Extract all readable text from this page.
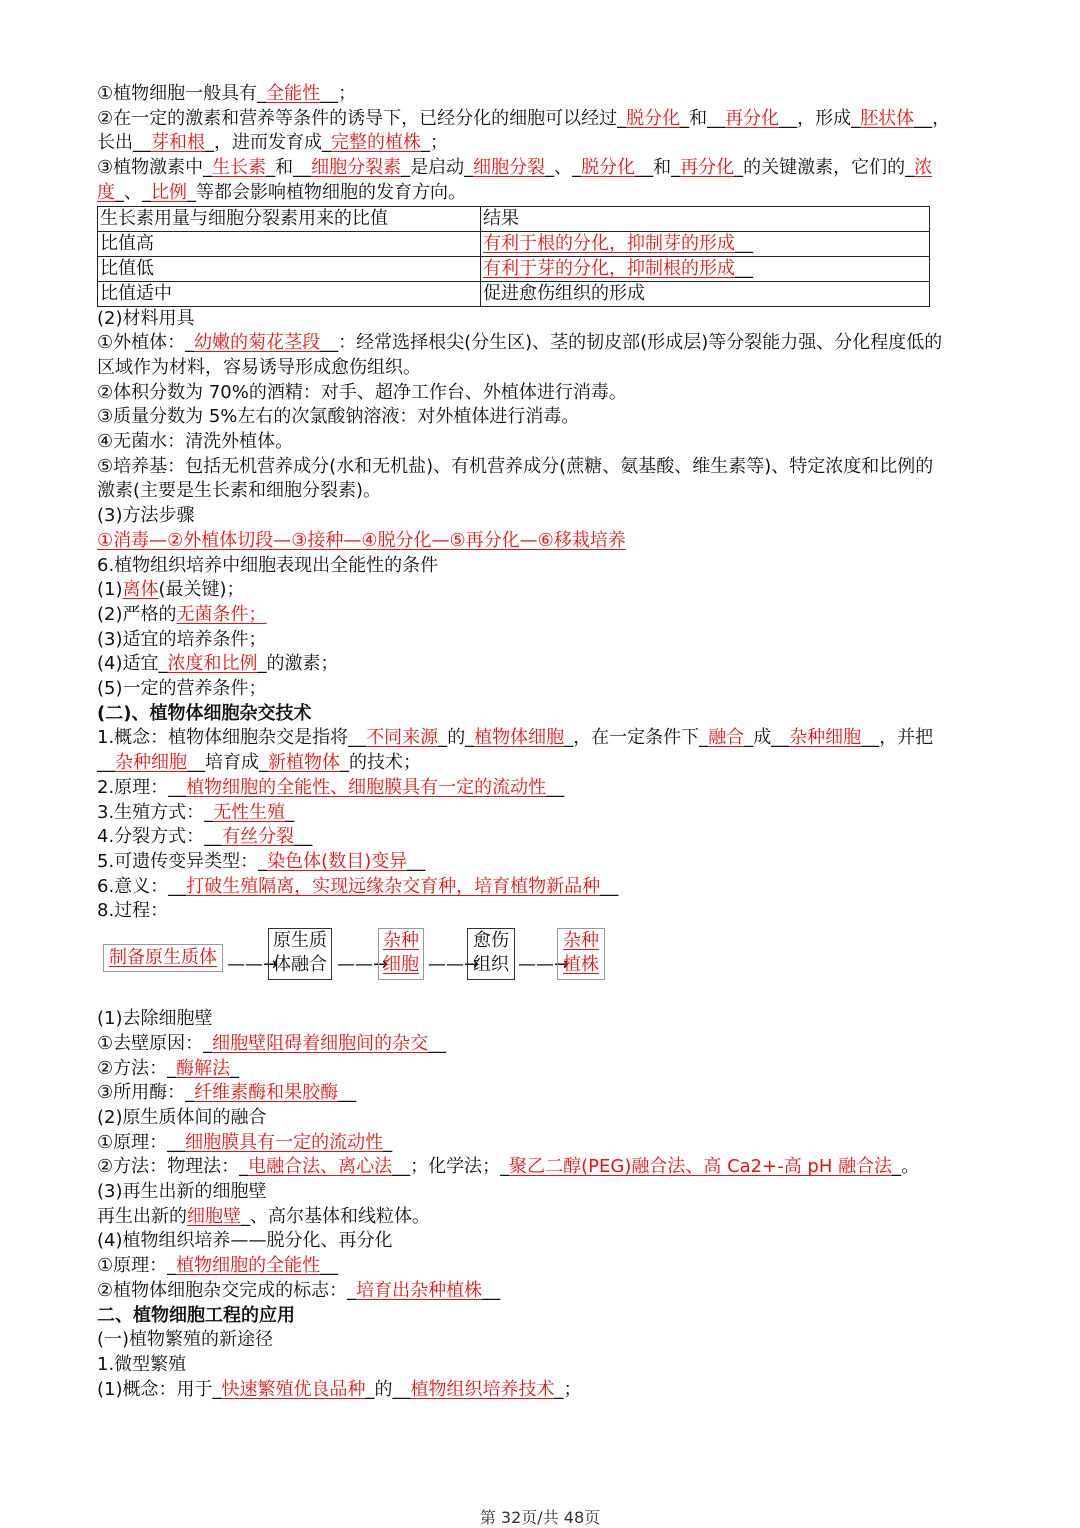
①植物细胞一般具有_全能性__；
②在一定的激素和营养等条件的诱导下，已经分化的细胞可以经过_脱分化_和__再分化__，形成_胚状体__，
长出__芽和根_，进而发育成_完整的植株_；
③植物激素中_生长素_和__细胞分裂素_是启动_细胞分裂_、_脱分化__和_再分化_的关键激素，它们的_浓
度_、_比例_等都会影响植物细胞的发育方向。
生长素用量与细胞分裂素用来的比值	结果
比值高	有利于根的分化，抑制芽的形成__
比值低	有利于芽的分化，抑制根的形成__
比值适中	促进愈伤组织的形成
(2)材料用具
①外植体：_幼嫩的菊花茎段__：经常选择根尖(分生区)、茎的韧皮部(形成层)等分裂能力强、分化程度低的
区域作为材料，容易诱导形成愈伤组织。
②体积分数为 70%的酒精：对手、超净工作台、外植体进行消毒。
③质量分数为 5%左右的次氯酸钠溶液：对外植体进行消毒。
④无菌水：清洗外植体。
⑤培养基：包括无机营养成分(水和无机盐)、有机营养成分(蔗糖、氨基酸、维生素等)、特定浓度和比例的
激素(主要是生长素和细胞分裂素)。
(3)方法步骤
①消毒—②外植体切段—③接种—④脱分化—⑤再分化—⑥移栽培养
6.植物组织培养中细胞表现出全能性的条件
(1)离体(最关键)；
(2)严格的无菌条件；
(3)适宜的培养条件；
(4)适宜_浓度和比例_的激素；
(5)一定的营养条件；
(二)、植物体细胞杂交技术
1.概念：植物体细胞杂交是指将__不同来源_的_植物体细胞_，在一定条件下_融合_成__杂种细胞__，并把
__杂种细胞__培育成_新植物体_的技术；
2.原理：__植物细胞的全能性、细胞膜具有一定的流动性__
3.生殖方式：_无性生殖_
4.分裂方式：__有丝分裂__
5.可遗传变异类型：_染色体(数目)变异__
6.意义：__打破生殖隔离，实现远缘杂交育种，培育植物新品种__
8.过程：
制备原生质体 ——→
原生质
体融合 ——→
杂种
细胞 ——→
愈伤
组织 ——→
杂种
植株
(1)去除细胞壁
①去壁原因：_细胞壁阻碍着细胞间的杂交__
②方法：_酶解法_
③所用酶：_纤维素酶和果胶酶__
(2)原生质体间的融合
①原理：__细胞膜具有一定的流动性_
②方法：物理法：_电融合法、离心法__；化学法；_聚乙二醇(PEG)融合法、高 Ca2+-高 pH 融合法_。
(3)再生出新的细胞壁
再生出新的细胞壁_、高尔基体和线粒体。
(4)植物组织培养——脱分化、再分化
①原理：_植物细胞的全能性__
②植物体细胞杂交完成的标志：_培育出杂种植株__
二、植物细胞工程的应用
(一)植物繁殖的新途径
1.微型繁殖
(1)概念：用于_快速繁殖优良品种_的__植物组织培养技术_；
第 32页/共 48页
